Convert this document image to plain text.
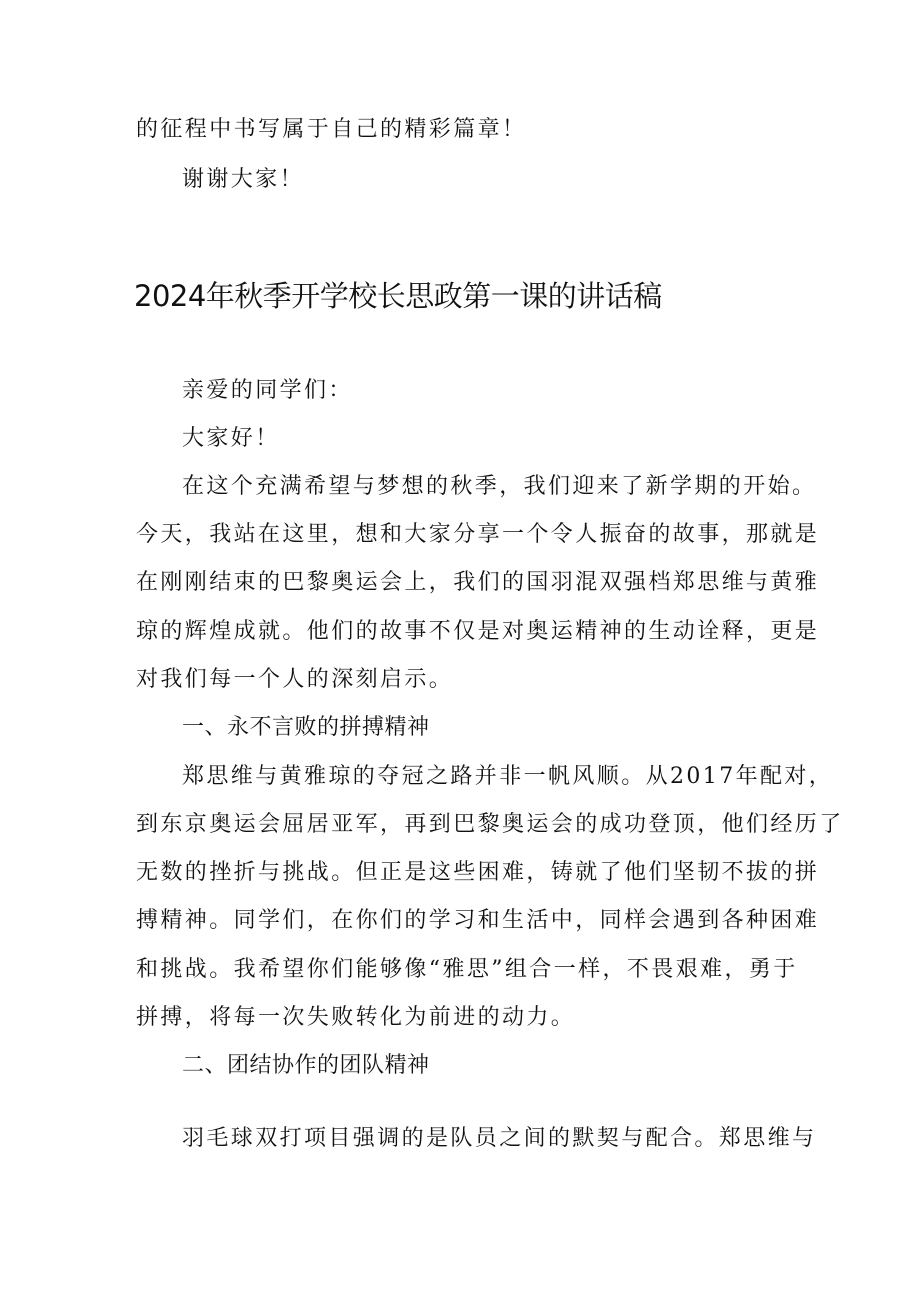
的征程中书写属于自己的精彩篇章！
谢谢大家！
2024年秋季开学校长思政第一课的讲话稿
亲爱的同学们：
大家好！
在这个充满希望与梦想的秋季，我们迎来了新学期的开始。
今天，我站在这里，想和大家分享一个令人振奋的故事，那就是
在刚刚结束的巴黎奥运会上，我们的国羽混双强档郑思维与黄雅
琼的辉煌成就。他们的故事不仅是对奥运精神的生动诠释，更是
对我们每一个人的深刻启示。
一、永不言败的拼搏精神
郑思维与黄雅琼的夺冠之路并非一帆风顺。从2017年配对，
到东京奥运会屈居亚军，再到巴黎奥运会的成功登顶，他们经历了
无数的挫折与挑战。但正是这些困难，铸就了他们坚韧不拔的拼
搏精神。同学们，在你们的学习和生活中，同样会遇到各种困难
和挑战。我希望你们能够像“雅思”组合一样，不畏艰难，勇于
拼搏，将每一次失败转化为前进的动力。
二、团结协作的团队精神
羽毛球双打项目强调的是队员之间的默契与配合。郑思维与
